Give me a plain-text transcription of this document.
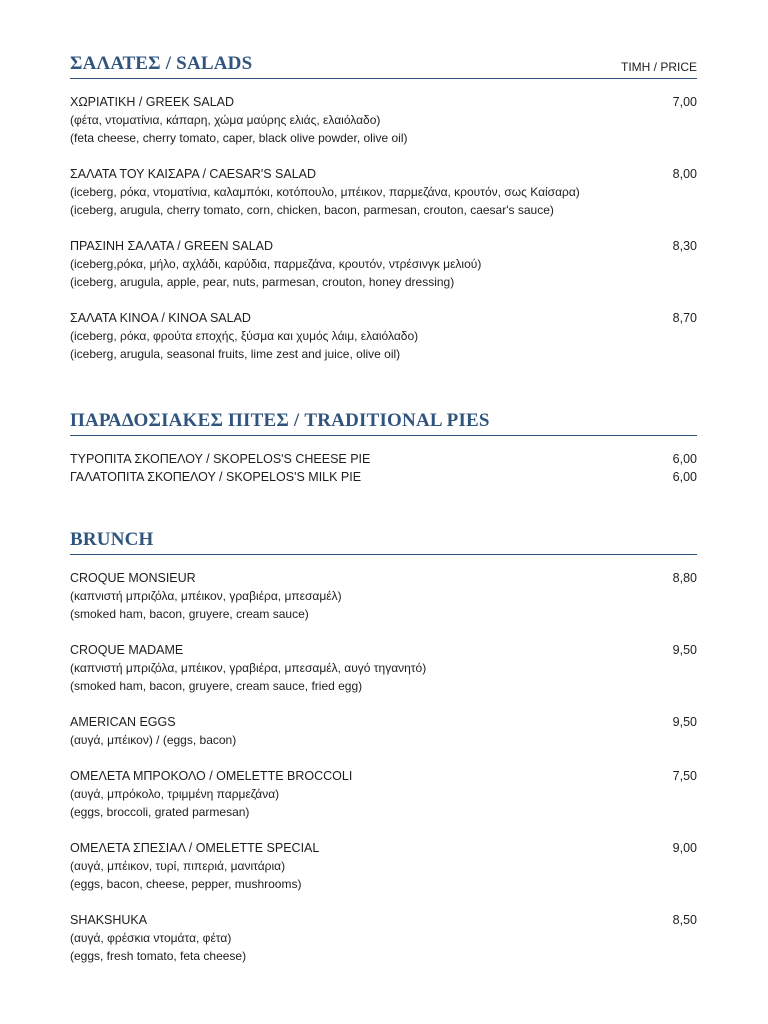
ΣΑΛΑΤΕΣ / SALADS	ΤΙΜΗ / PRICE
ΧΩΡΙΑΤΙΚΗ / GREEK SALAD
(φέτα, ντοματίνια, κάπαρη, χώμα μαύρης ελιάς, ελαιόλαδο)
(feta cheese, cherry tomato, caper, black olive powder, olive oil)
7,00
ΣΑΛΑΤΑ ΤΟΥ ΚΑΙΣΑΡΑ / CAESAR'S SALAD
(iceberg, ρόκα, ντοματίνια, καλαμπόκι, κοτόπουλο, μπέικον, παρμεζάνα, κρουτόν, σως Καίσαρα)
(iceberg, arugula, cherry tomato, corn, chicken, bacon, parmesan, crouton, caesar's sauce)
8,00
ΠΡΑΣΙΝΗ ΣΑΛΑΤΑ / GREEN SALAD
(iceberg,ρόκα, μήλο, αχλάδι, καρύδια, παρμεζάνα, κρουτόν, ντρέσινγκ μελιού)
(iceberg, arugula, apple, pear, nuts, parmesan, crouton, honey dressing)
8,30
ΣΑΛΑΤΑ KINOA / KINOA SALAD
(iceberg, ρόκα, φρούτα εποχής, ξύσμα και χυμός λάιμ, ελαιόλαδο)
(iceberg, arugula, seasonal fruits, lime zest and juice, olive oil)
8,70
ΠΑΡΑΔΟΣΙΑΚΕΣ ΠΙΤΕΣ / TRADITIONAL PIES
ΤΥΡΟΠΙΤΑ ΣΚΟΠΕΛΟΥ / SKOPELOS'S CHEESE PIE	6,00
ΓΑΛΑΤΟΠΙΤΑ ΣΚΟΠΕΛΟΥ / SKOPELOS'S MILK PIE	6,00
BRUNCH
CROQUE MONSIEUR
(καπνιστή μπριζόλα, μπέικον, γραβιέρα, μπεσαμέλ)
(smoked ham, bacon, gruyere, cream sauce)
8,80
CROQUE MADAME
(καπνιστή μπριζόλα, μπέικον, γραβιέρα, μπεσαμέλ, αυγό τηγανητό)
(smoked ham, bacon, gruyere, cream sauce, fried egg)
9,50
AMERICAN EGGS
(αυγά, μπέικον) / (eggs, bacon)
9,50
ΟΜΕΛΕΤΑ ΜΠΡΟΚΟΛΟ / OMELETTE BROCCOLI
(αυγά, μπρόκολο, τριμμένη παρμεζάνα)
(eggs, broccoli, grated parmesan)
7,50
ΟΜΕΛΕΤΑ ΣΠΕΣΙΑΛ / OMELETTE SPECIAL
(αυγά, μπέικον, τυρί, πιπεριά, μανιτάρια)
(eggs, bacon, cheese, pepper, mushrooms)
9,00
SHAKSHUKA
(αυγά, φρέσκια ντομάτα, φέτα)
(eggs, fresh tomato, feta cheese)
8,50
